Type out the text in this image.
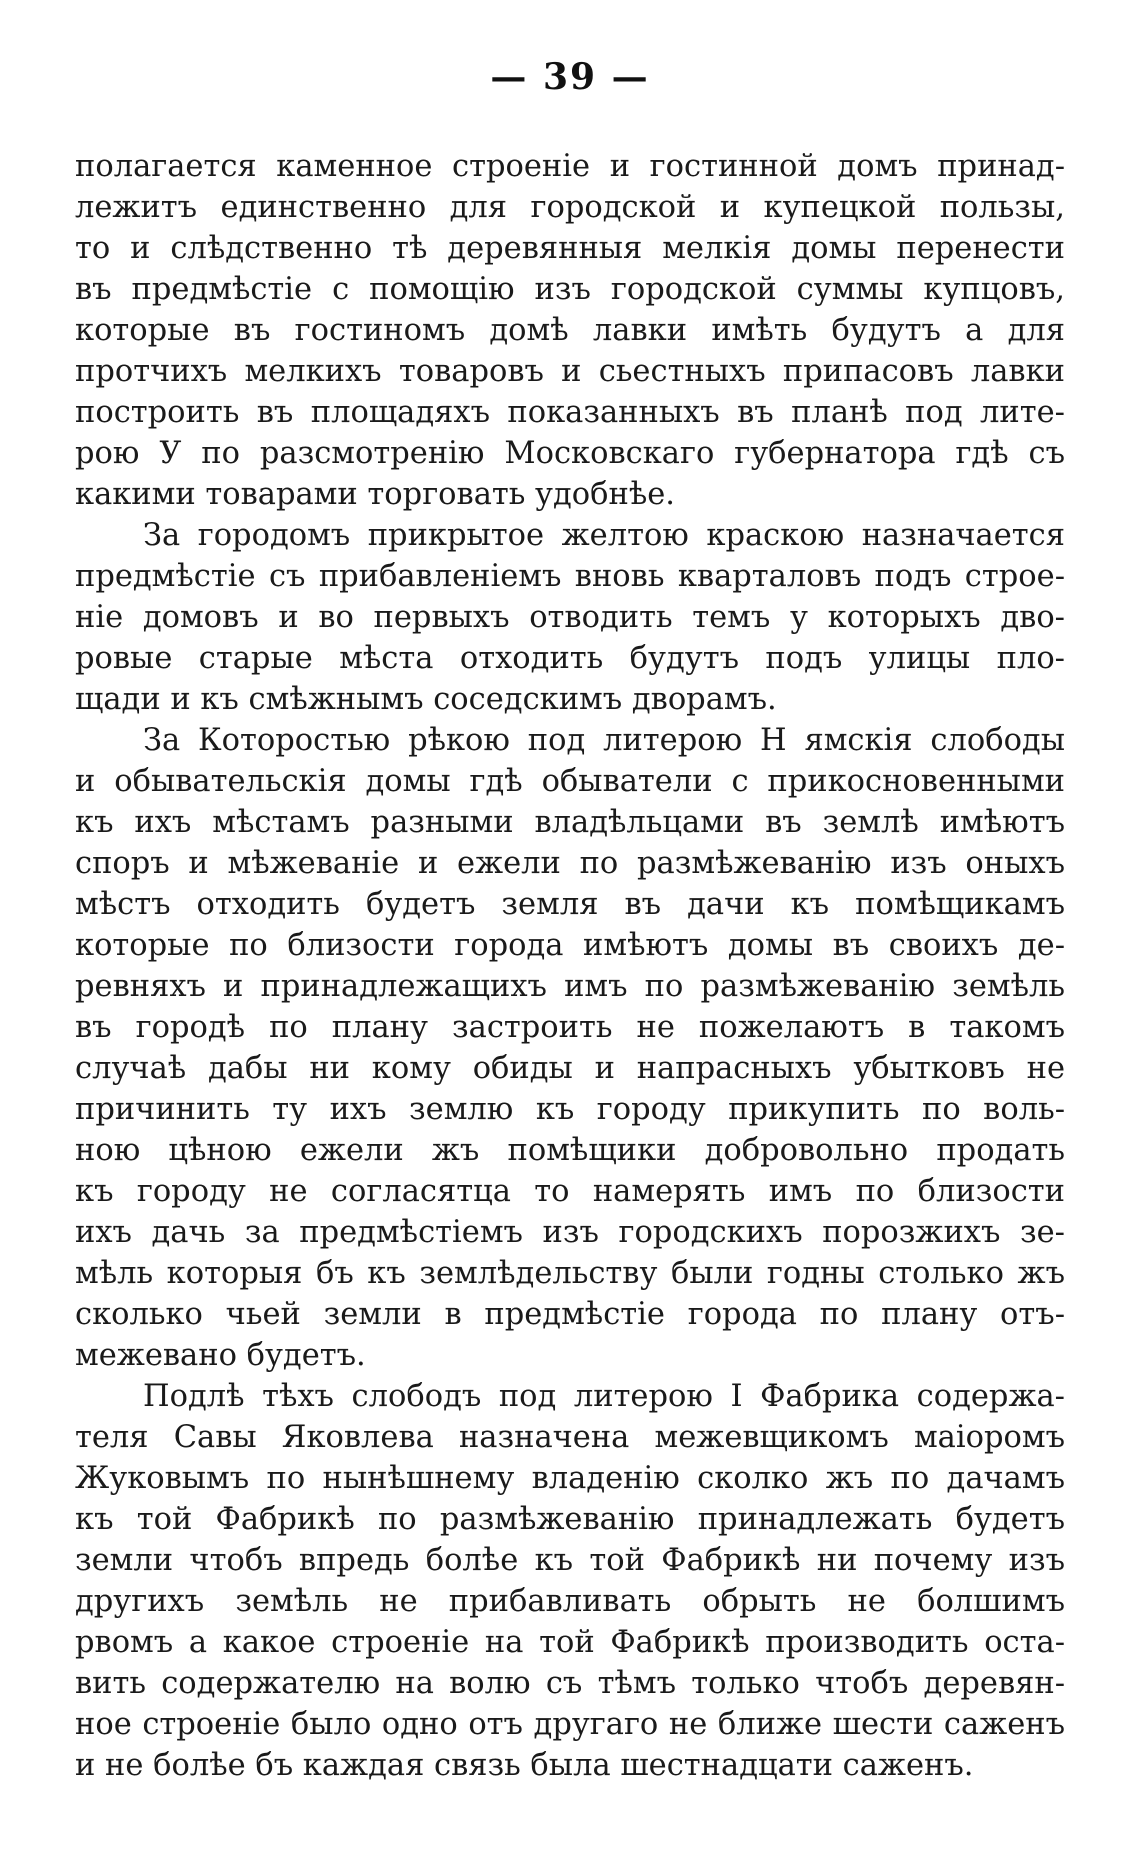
— 39 —
полагается каменное строеніе и гостинной домъ принад-
лежитъ единственно для городской и купецкой пользы,
то и слѣдственно тѣ деревянныя мелкія домы перенести
въ предмѣстіе с помощію изъ городской суммы купцовъ,
которые въ гостиномъ домѣ лавки имѣть будутъ а для
протчихъ мелкихъ товаровъ и сьестныхъ припасовъ лавки
построить въ площадяхъ показанныхъ въ планѣ под лите-
рою У по разсмотренію Московскаго губернатора гдѣ съ
какими товарами торговать удобнѣе.
За городомъ прикрытое желтою краскою назначается
предмѣстіе съ прибавленіемъ вновь кварталовъ подъ строе-
ніе домовъ и во первыхъ отводить темъ у которыхъ дво-
ровые старые мѣста отходить будутъ подъ улицы пло-
щади и къ смѣжнымъ соседскимъ дворамъ.
За Которостью рѣкою под литерою Н ямскія слободы
и обывательскія домы гдѣ обыватели с прикосновенными
къ ихъ мѣстамъ разными владѣльцами въ землѣ имѣютъ
споръ и мѣжеваніе и ежели по размѣжеванію изъ оныхъ
мѣстъ отходить будетъ земля въ дачи къ помѣщикамъ
которые по близости города имѣютъ домы въ своихъ де-
ревняхъ и принадлежащихъ имъ по размѣжеванію земѣль
въ городѣ по плану застроить не пожелаютъ в такомъ
случаѣ дабы ни кому обиды и напрасныхъ убытковъ не
причинить ту ихъ землю къ городу прикупить по воль-
ною цѣною ежели жъ помѣщики добровольно продать
къ городу не согласятца то намерять имъ по близости
ихъ дачь за предмѣстіемъ изъ городскихъ порозжихъ зе-
мѣль которыя бъ къ землѣдельству были годны столько жъ
сколько чьей земли в предмѣстіе города по плану отъ-
межевано будетъ.
Подлѣ тѣхъ слободъ под литерою I Фабрика содержа-
теля Савы Яковлева назначена межевщикомъ маіоромъ
Жуковымъ по нынѣшнему владенію сколко жъ по дачамъ
къ той Фабрикѣ по размѣжеванію принадлежать будетъ
земли чтобъ впредь болѣе къ той Фабрикѣ ни почему изъ
другихъ земѣль не прибавливать обрыть не болшимъ
рвомъ а какое строеніе на той Фабрикѣ производить оста-
вить содержателю на волю съ тѣмъ только чтобъ деревян-
ное строеніе было одно отъ другаго не ближе шести саженъ
и не болѣе бъ каждая связь была шестнадцати саженъ.
